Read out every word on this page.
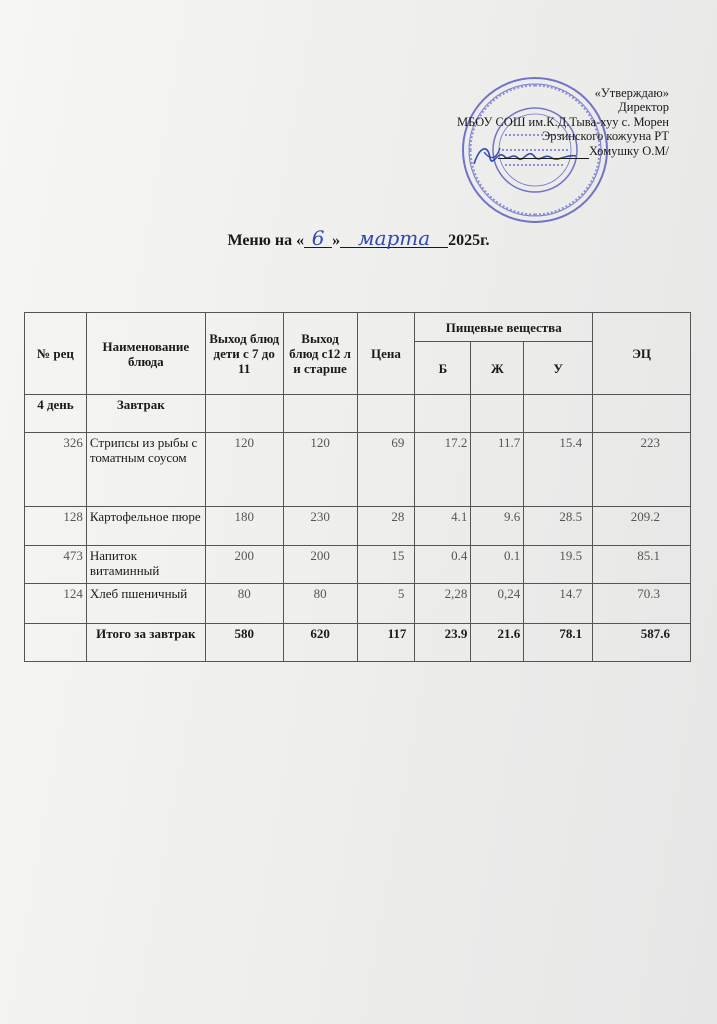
«Утверждаю»
Директор
МБОУ СОШ им.К.Д.Тыва-хуу с. Морен
Эрзинского кожууна РТ
Хомушку О.М/
Меню на « 6 » марта 2025г.
№ рец	Наименование блюда	Выход блюд дети с 7 до 11	Выход блюд с12 л и старше	Цена	Пищевые вещества			ЭЦ
					Б	Ж	У	
4 день	Завтрак							
326	Стрипсы из рыбы с томатным соусом	120	120	69	17.2	11.7	15.4	223
128	Картофельное пюре	180	230	28	4.1	9.6	28.5	209.2
473	Напиток витаминный	200	200	15	0.4	0.1	19.5	85.1
124	Хлеб пшеничный	80	80	5	2,28	0,24	14.7	70.3
	Итого за завтрак	580	620	117	23.9	21.6	78.1	587.6
